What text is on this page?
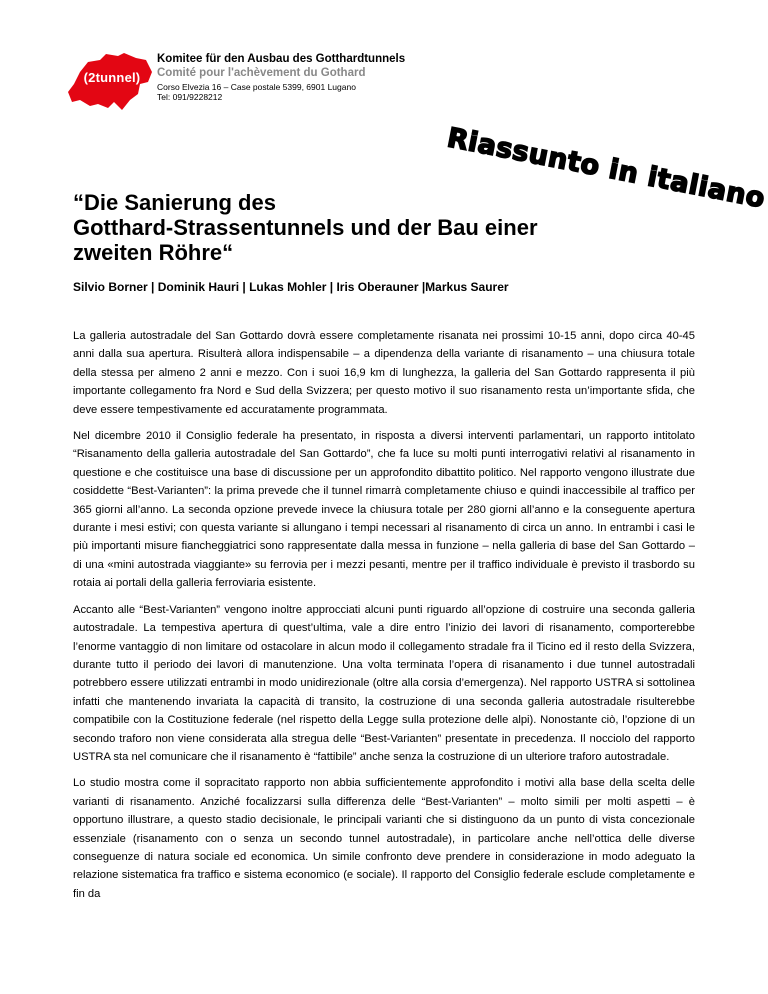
(2tunnel)
Komitee für den Ausbau des Gotthardtunnels
Comité pour l'achèvement du Gothard
Corso Elvezia 16 – Case postale 5399, 6901 Lugano
Tel: 091/9228212
Riassunto in italiano
“Die Sanierung des
Gotthard-Strassentunnels und der Bau einer
zweiten Röhre“
Silvio Borner | Dominik Hauri | Lukas Mohler | Iris Oberauner |Markus Saurer

La galleria autostradale del San Gottardo dovrà essere completamente risanata nei prossimi 10-15 anni, dopo circa 40-45 anni dalla sua apertura. Risulterà allora indispensabile – a dipendenza della variante di risanamento – una chiusura totale della stessa per almeno 2 anni e mezzo. Con i suoi 16,9 km di lunghezza, la galleria del San Gottardo rappresenta il più importante collegamento fra Nord e Sud della Svizzera; per questo motivo il suo risanamento resta un’importante sfida, che deve essere tempestivamente ed accuratamente programmata.

Nel dicembre 2010 il Consiglio federale ha presentato, in risposta a diversi interventi parlamentari, un rapporto intitolato “Risanamento della galleria autostradale del San Gottardo”, che fa luce su molti punti interrogativi relativi al risanamento in questione e che costituisce una base di discussione per un approfondito dibattito politico. Nel rapporto vengono illustrate due cosiddette “Best-Varianten”: la prima prevede che il tunnel rimarrà completamente chiuso e quindi inaccessibile al traffico per 365 giorni all’anno. La seconda opzione prevede invece la chiusura totale per 280 giorni all’anno e la conseguente apertura durante i mesi estivi; con questa variante si allungano i tempi necessari al risanamento di circa un anno. In entrambi i casi le più importanti misure fiancheggiatrici sono rappresentate dalla messa in funzione – nella galleria di base del San Gottardo – di una «mini autostrada viaggiante» su ferrovia per i mezzi pesanti, mentre per il traffico individuale è previsto il trasbordo su rotaia ai portali della galleria ferroviaria esistente.

Accanto alle “Best-Varianten” vengono inoltre approcciati alcuni punti riguardo all’opzione di costruire una seconda galleria autostradale. La tempestiva apertura di quest’ultima, vale a dire entro l’inizio dei lavori di risanamento, comporterebbe l’enorme vantaggio di non limitare od ostacolare in alcun modo il collegamento stradale fra il Ticino ed il resto della Svizzera, durante tutto il periodo dei lavori di manutenzione. Una volta terminata l’opera di risanamento i due tunnel autostradali potrebbero essere utilizzati entrambi in modo unidirezionale (oltre alla corsia d’emergenza). Nel rapporto USTRA si sottolinea infatti che mantenendo invariata la capacità di transito, la costruzione di una seconda galleria autostradale risulterebbe compatibile con la Costituzione federale (nel rispetto della Legge sulla protezione delle alpi). Nonostante ciò, l’opzione di un secondo traforo non viene considerata alla stregua delle “Best-Varianten” presentate in precedenza. Il nocciolo del rapporto USTRA sta nel comunicare che il risanamento è “fattibile” anche senza la costruzione di un ulteriore traforo autostradale.

Lo studio mostra come il sopracitato rapporto non abbia sufficientemente approfondito i motivi alla base della scelta delle varianti di risanamento. Anziché focalizzarsi sulla differenza delle “Best-Varianten” – molto simili per molti aspetti – è opportuno illustrare, a questo stadio decisionale, le principali varianti che si distinguono da un punto di vista concezionale essenziale (risanamento con o senza un secondo tunnel autostradale), in particolare anche nell’ottica delle diverse conseguenze di natura sociale ed economica. Un simile confronto deve prendere in considerazione in modo adeguato la relazione sistematica fra traffico e sistema economico (e sociale). Il rapporto del Consiglio federale esclude completamente e fin da
